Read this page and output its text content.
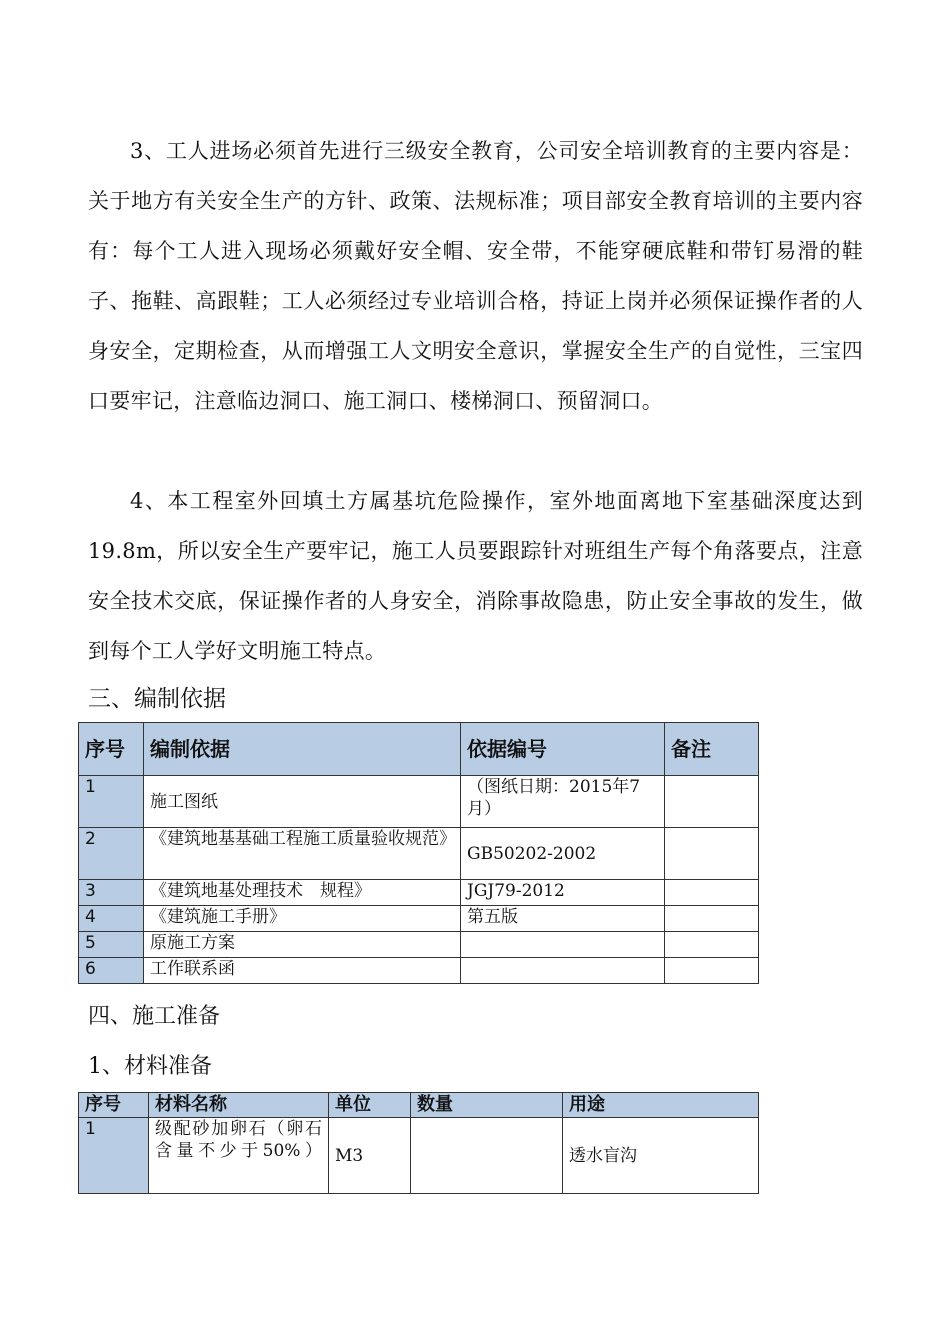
3、工人进场必须首先进行三级安全教育，公司安全培训教育的主要内容是：关于地方有关安全生产的方针、政策、法规标准；项目部安全教育培训的主要内容有：每个工人进入现场必须戴好安全帽、安全带，不能穿硬底鞋和带钉易滑的鞋子、拖鞋、高跟鞋；工人必须经过专业培训合格，持证上岗并必须保证操作者的人身安全，定期检查，从而增强工人文明安全意识，掌握安全生产的自觉性，三宝四口要牢记，注意临边洞口、施工洞口、楼梯洞口、预留洞口。

4、本工程室外回填土方属基坑危险操作，室外地面离地下室基础深度达到19.8m，所以安全生产要牢记，施工人员要跟踪针对班组生产每个角落要点，注意安全技术交底，保证操作者的人身安全，消除事故隐患，防止安全事故的发生，做到每个工人学好文明施工特点。

三、编制依据
序号	编制依据	依据编号	备注
1	施工图纸	（图纸日期：2015年7月）	
2	《建筑地基基础工程施工质量验收规范》	GB50202-2002	
3	《建筑地基处理技术　规程》	JGJ79-2012	
4	《建筑施工手册》	第五版	
5	原施工方案		
6	工作联系函		
四、施工准备
1、材料准备
序号	材料名称	单位	数量	用途
1	级配砂加卵石（卵石含量不少于50%）	M3		透水盲沟
